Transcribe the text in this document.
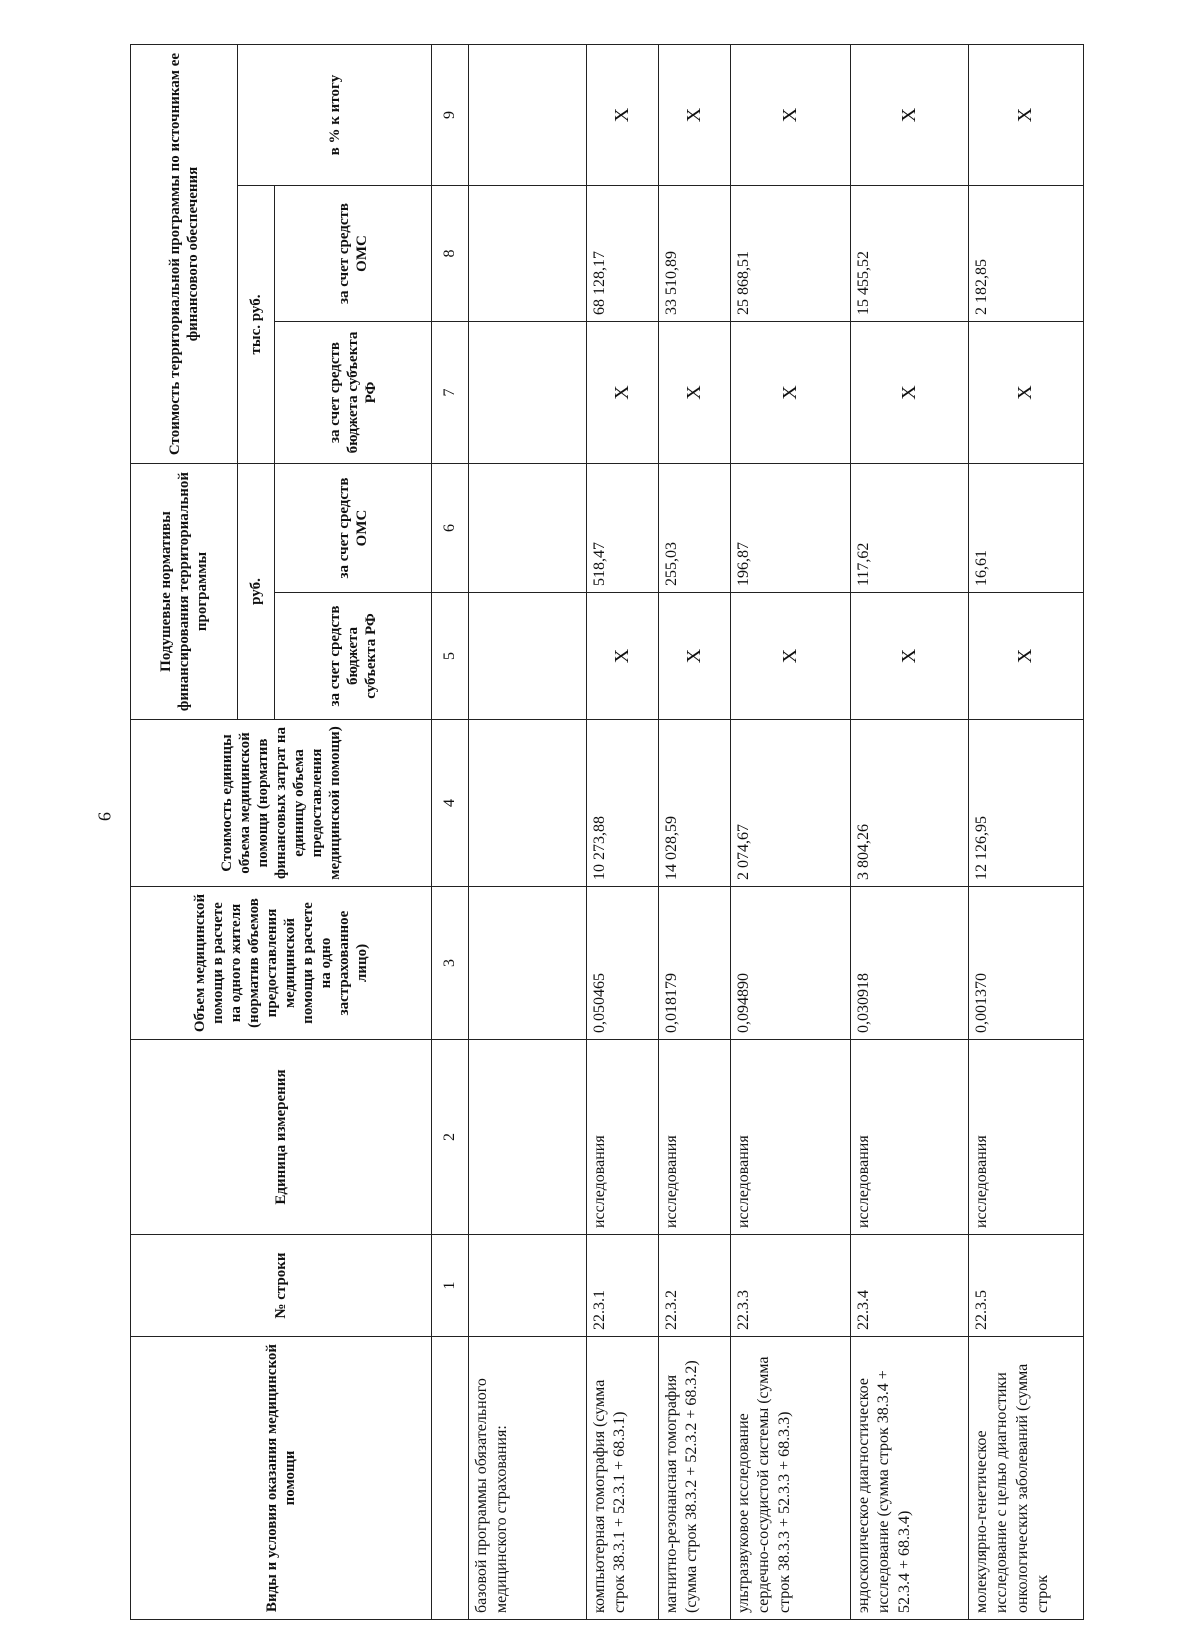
9
Виды и условия оказания медицинской помощи	№ строки	Единица измерения	Объем медицинской помощи в расчете на одного жителя (норматив объемов предоставления медицинской помощи в расчете на одно застрахованное лицо)	Стоимость единицы объема медицинской помощи (норматив финансовых затрат на единицу объема предоставления медицинской помощи)	Подушевые нормативы финансирования территориальной программы		Стоимость территориальной программы по источникам ее финансового обеспечения		
					руб.		тыс. руб.		в % к итогу
					за счет средств бюджета субъекта РФ	за счет средств ОМС	за счет средств бюджета субъекта РФ	за счет средств ОМС	
	1	2	3	4	5	6	7	8	9
базовой программы обязательного медицинского страхования:									
компьютерная томография (сумма строк 38.3.1 + 52.3.1 + 68.3.1)	22.3.1	исследования	0,050465	10 273,88	X	518,47	X	68 128,17	X
магнитно-резонансная томография (сумма строк 38.3.2 + 52.3.2 + 68.3.2)	22.3.2	исследования	0,018179	14 028,59	X	255,03	X	33 510,89	X
ультразвуковое исследование сердечно-сосудистой системы (сумма строк 38.3.3 + 52.3.3 + 68.3.3)	22.3.3	исследования	0,094890	2 074,67	X	196,87	X	25 868,51	X
эндоскопическое диагностическое исследование (сумма строк 38.3.4 + 52.3.4 + 68.3.4)	22.3.4	исследования	0,030918	3 804,26	X	117,62	X	15 455,52	X
молекулярно-генетическое исследование с целью диагностики онкологических заболеваний (сумма строк	22.3.5	исследования	0,001370	12 126,95	X	16,61	X	2 182,85	X
